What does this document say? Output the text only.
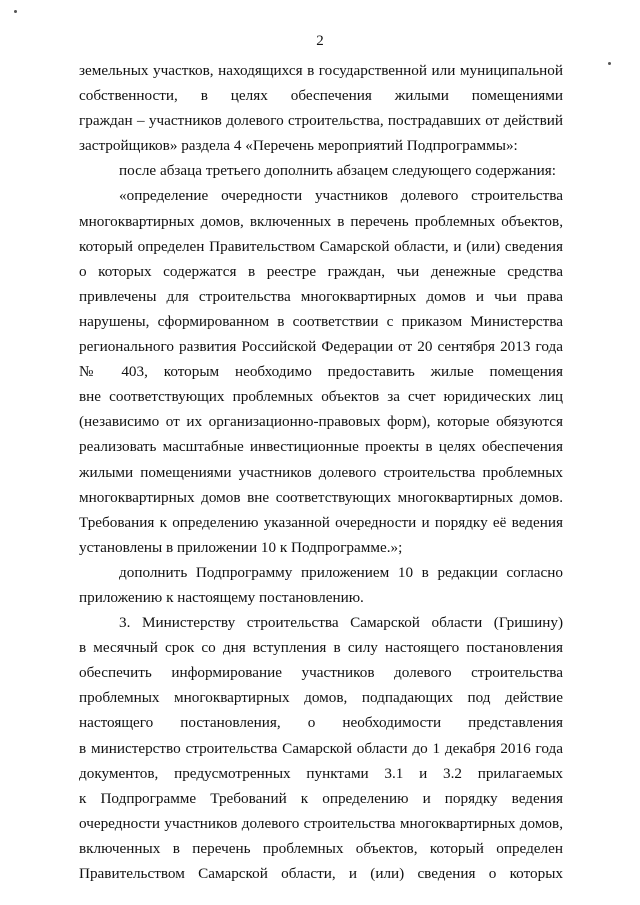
2
земельных участков, находящихся в государственной или муниципальной
собственности, в целях обеспечения жилыми помещениями
граждан – участников долевого строительства, пострадавших от действий
застройщиков» раздела 4 «Перечень мероприятий Подпрограммы»:
после абзаца третьего дополнить абзацем следующего содержания:
«определение очередности участников долевого строительства
многоквартирных домов, включенных в перечень проблемных объектов,
который определен Правительством Самарской области, и (или) сведения
о которых содержатся в реестре граждан, чьи денежные средства
привлечены для строительства многоквартирных домов и чьи права
нарушены, сформированном в соответствии с приказом Министерства
регионального развития Российской Федерации от 20 сентября 2013 года
№ 403, которым необходимо предоставить жилые помещения
вне соответствующих проблемных объектов за счет юридических лиц
(независимо от их организационно-правовых форм), которые обязуются
реализовать масштабные инвестиционные проекты в целях обеспечения
жилыми помещениями участников долевого строительства проблемных
многоквартирных домов вне соответствующих многоквартирных домов.
Требования к определению указанной очередности и порядку её ведения
установлены в приложении 10 к Подпрограмме.»;
дополнить Подпрограмму приложением 10 в редакции согласно
приложению к настоящему постановлению.
3. Министерству строительства Самарской области (Гришину)
в месячный срок со дня вступления в силу настоящего постановления
обеспечить информирование участников долевого строительства
проблемных многоквартирных домов, подпадающих под действие
настоящего постановления, о необходимости представления
в министерство строительства Самарской области до 1 декабря 2016 года
документов, предусмотренных пунктами 3.1 и 3.2 прилагаемых
к Подпрограмме Требований к определению и порядку ведения
очередности участников долевого строительства многоквартирных домов,
включенных в перечень проблемных объектов, который определен
Правительством Самарской области, и (или) сведения о которых
